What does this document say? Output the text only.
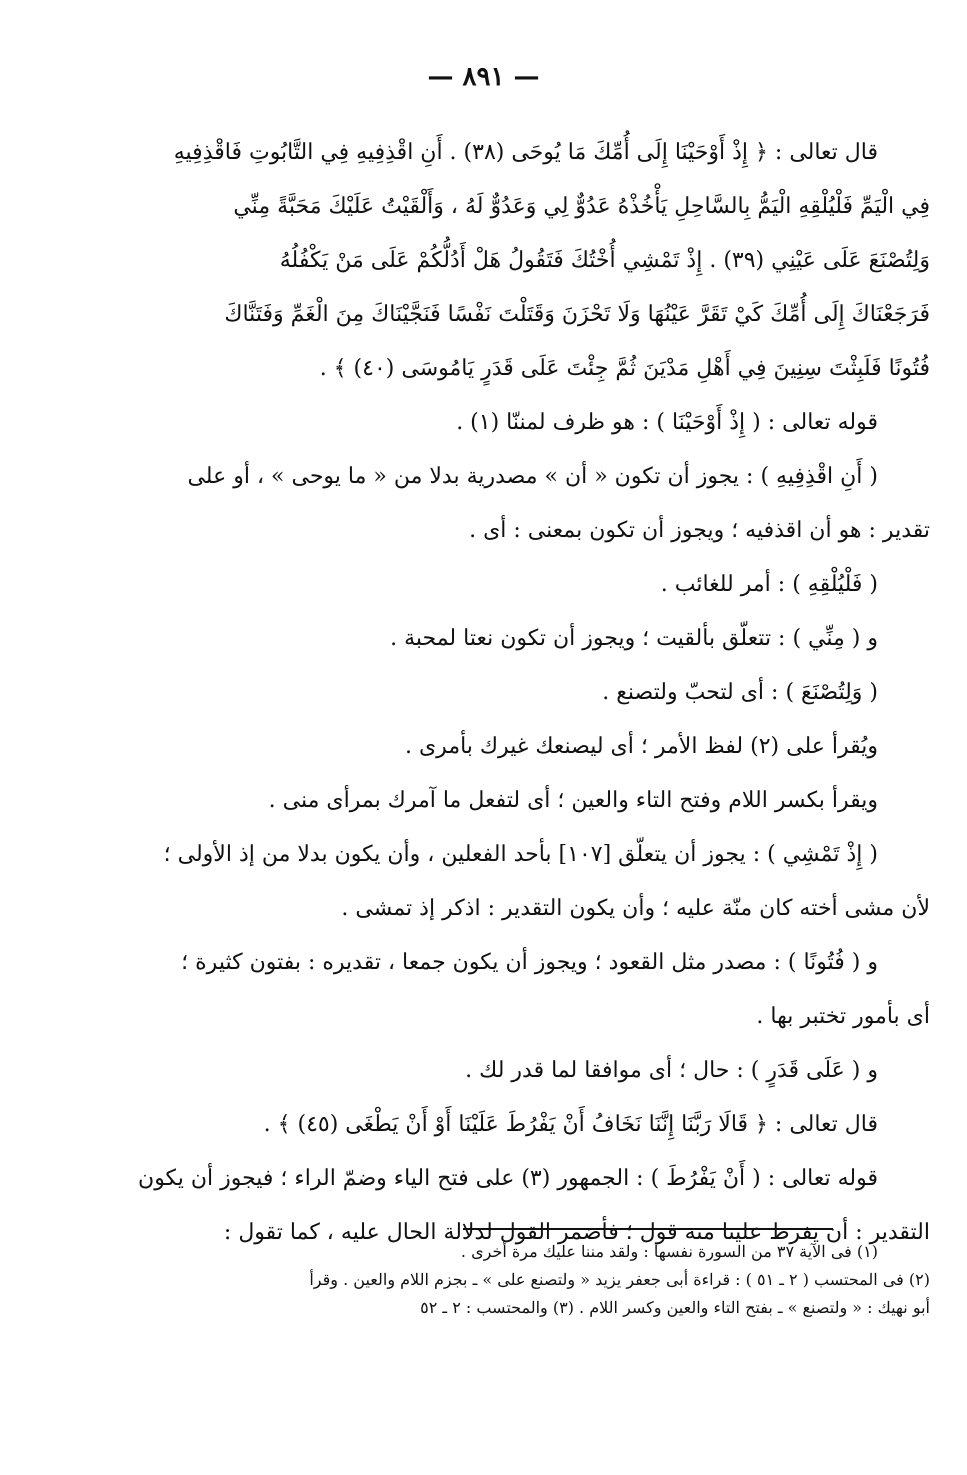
— ٨٩١ —
قال تعالى : ﴿ إِذْ أَوْحَيْنَا إِلَى أُمِّكَ مَا يُوحَى (٣٨) . أَنِ اقْذِفِيهِ فِي التَّابُوتِ فَاقْذِفِيهِ
فِي الْيَمِّ فَلْيُلْقِهِ الْيَمُّ بِالسَّاحِلِ يَأْخُذْهُ عَدُوٌّ لِي وَعَدُوٌّ لَهُ ، وَأَلْقَيْتُ عَلَيْكَ مَحَبَّةً مِنِّي
وَلِتُصْنَعَ عَلَى عَيْنِي (٣٩) . إِذْ تَمْشِي أُخْتُكَ فَتَقُولُ هَلْ أَدُلُّكُمْ عَلَى مَنْ يَكْفُلُهُ
فَرَجَعْنَاكَ إِلَى أُمِّكَ كَيْ تَقَرَّ عَيْنُهَا وَلَا تَحْزَنَ وَقَتَلْتَ نَفْسًا فَنَجَّيْنَاكَ مِنَ الْغَمِّ وَفَتَنَّاكَ
فُتُونًا فَلَبِثْتَ سِنِينَ فِي أَهْلِ مَدْيَنَ ثُمَّ جِئْتَ عَلَى قَدَرٍ يَامُوسَى (٤٠) ﴾ .
قوله تعالى : ( إِذْ أَوْحَيْنَا ) : هو ظرف لمننّا (١) .
( أَنِ اقْذِفِيهِ ) : يجوز أن تكون « أن » مصدرية بدلا من « ما يوحى » ، أو على
تقدير : هو أن اقذفيه ؛ ويجوز أن تكون بمعنى : أى .
( فَلْيُلْقِهِ ) : أمر للغائب .
و ( مِنِّي ) : تتعلّق بألقيت ؛ ويجوز أن تكون نعتا لمحبة .
( وَلِتُصْنَعَ ) : أى لتحبّ ولتصنع .
ويُقرأ على (٢) لفظ الأمر ؛ أى ليصنعك غيرك بأمرى .
ويقرأ بكسر اللام وفتح التاء والعين ؛ أى لتفعل ما آمرك بمرأى منى .
( إِذْ تَمْشِي ) : يجوز أن يتعلّق [١٠٧] بأحد الفعلين ، وأن يكون بدلا من إذ الأولى ؛
لأن مشى أخته كان منّة عليه ؛ وأن يكون التقدير : اذكر إذ تمشى .
و ( فُتُونًا ) : مصدر مثل القعود ؛ ويجوز أن يكون جمعا ، تقديره : بفتون كثيرة ؛
أى بأمور تختبر بها .
و ( عَلَى قَدَرٍ ) : حال ؛ أى موافقا لما قدر لك .
قال تعالى : ﴿ قَالَا رَبَّنَا إِنَّنَا نَخَافُ أَنْ يَفْرُطَ عَلَيْنَا أَوْ أَنْ يَطْغَى (٤٥) ﴾ .
قوله تعالى : ( أَنْ يَفْرُطَ ) : الجمهور (٣) على فتح الياء وضمّ الراء ؛ فيجوز أن يكون
التقدير : أن يفرط علينا منه قول ؛ فأضمر القول لدلالة الحال عليه ، كما تقول :
(١) فى الآية ٣٧ من السورة نفسها : ولقد مننا عليك مرة أخرى .
(٢) فى المحتسب ( ٢ ـ ٥١ ) : قراءة أبى جعفر يزيد « ولتصنع على » ـ بجزم اللام والعين . وقرأ
أبو نهيك : « ولتصنع » ـ بفتح التاء والعين وكسر اللام . (٣) والمحتسب : ٢ ـ ٥٢
